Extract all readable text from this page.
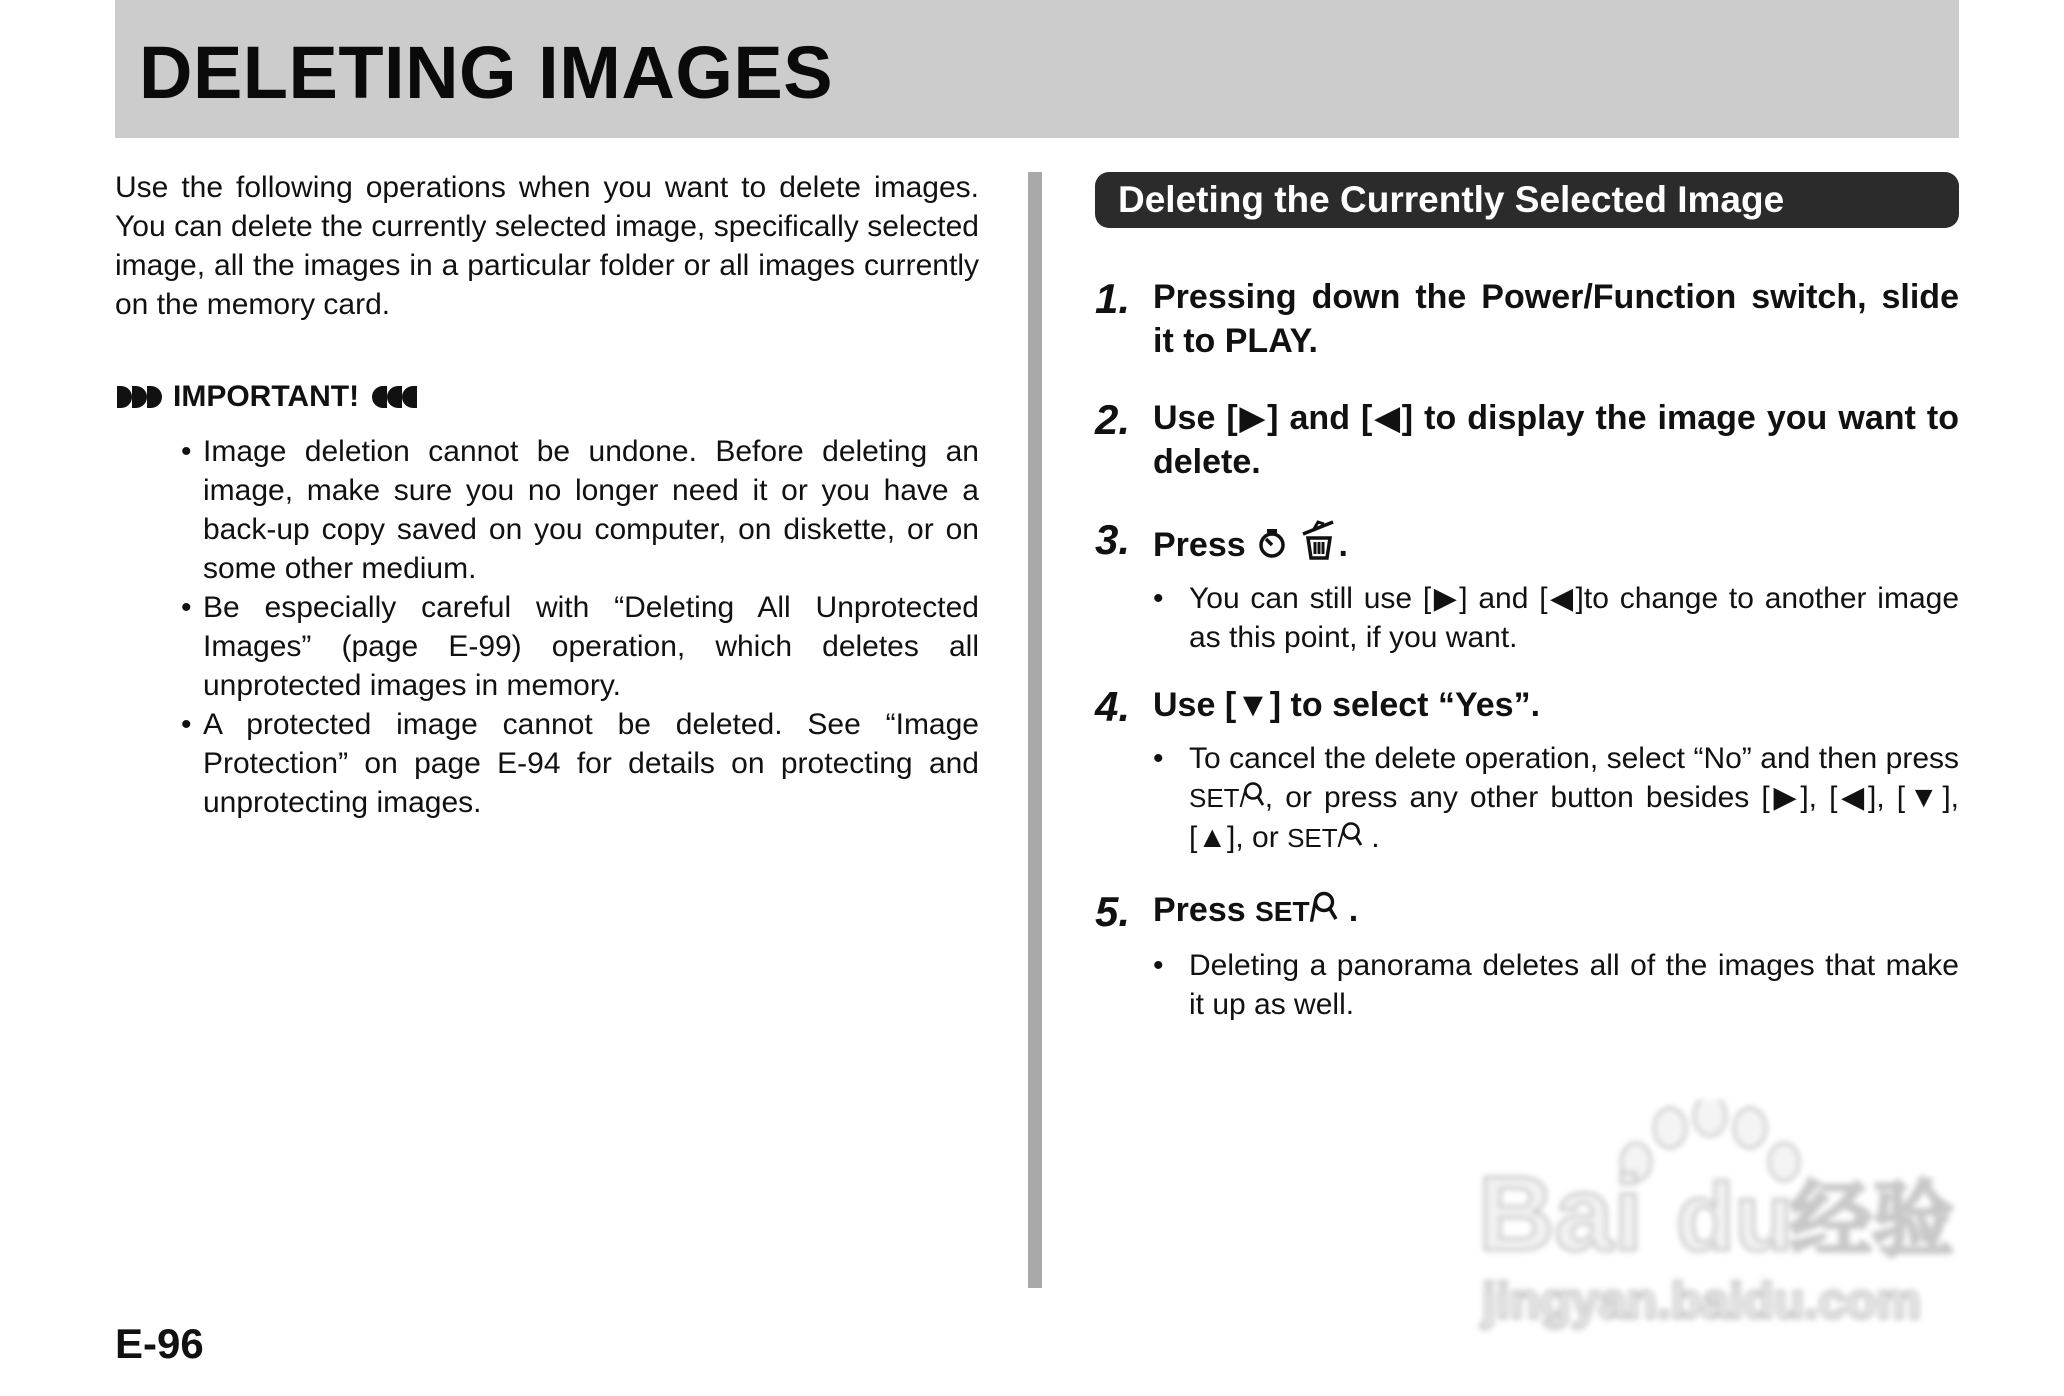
DELETING IMAGES

Use the following operations when you want to delete images. You can delete the currently selected image, specifically selected image, all the images in a particular folder or all images currently on the memory card.

IMPORTANT!
• Image deletion cannot be undone. Before deleting an image, make sure you no longer need it or you have a back-up copy saved on you computer, on diskette, or on some other medium.
• Be especially careful with “Deleting All Unprotected Images” (page E-99) operation, which deletes all unprotected images in memory.
• A protected image cannot be deleted. See “Image Protection” on page E-94 for details on protecting and unprotecting images.
Deleting the Currently Selected Image
1. Pressing down the Power/Function switch, slide it to PLAY.
2. Use [▶] and [◀] to display the image you want to delete.
3. Press	.
• You can still use [▶] and [◀]to change to another image as this point, if you want.
4. Use [▼] to select “Yes”.
• To cancel the delete operation, select “No” and then press SET/ , or press any other button besides [▶], [◀], [▼], [▲], or SET/ .
5. Press SET/ .
• Deleting a panorama deletes all of the images that make it up as well.
E-96
Bai du
经验
jingyan.baidu.com
